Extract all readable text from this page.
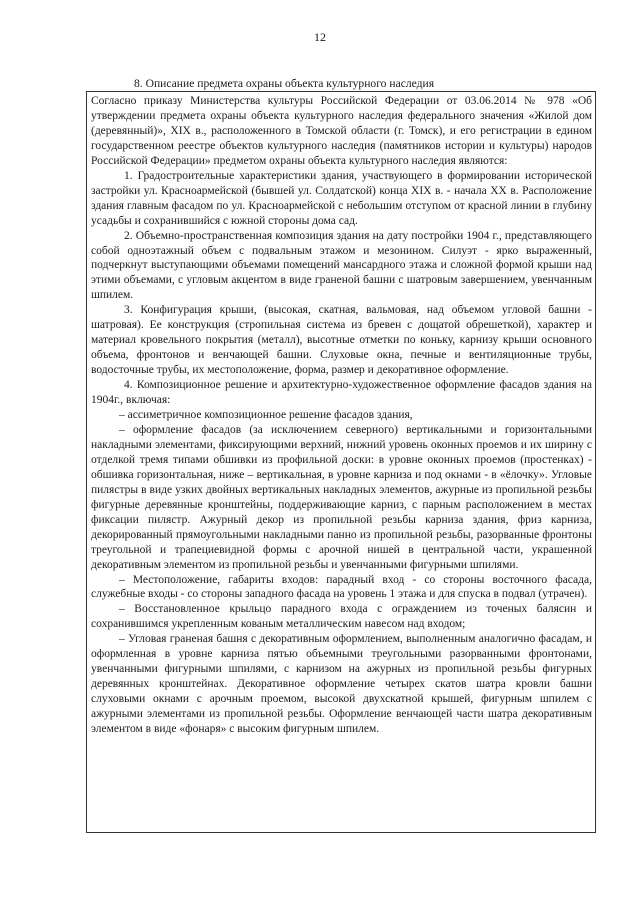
12
8. Описание предмета охраны объекта культурного наследия

Согласно приказу Министерства культуры Российской Федерации от 03.06.2014 № 978 «Об утверждении предмета охраны объекта культурного наследия федерального значения «Жилой дом (деревянный)», XIX в., расположенного в Томской области (г. Томск), и его регистрации в едином государственном реестре объектов культурного наследия (памятников истории и культуры) народов Российской Федерации» предметом охраны объекта культурного наследия являются:

1. Градостроительные характеристики здания, участвующего в формировании исторической застройки ул. Красноармейской (бывшей ул. Солдатской) конца XIX в. - начала XX в. Расположение здания главным фасадом по ул. Красноармейской с небольшим отступом от красной линии в глубину усадьбы и сохранившийся с южной стороны дома сад.

2. Объемно-пространственная композиция здания на дату постройки 1904 г., представляющего собой одноэтажный объем с подвальным этажом и мезонином. Силуэт - ярко выраженный, подчеркнут выступающими объемами помещений мансардного этажа и сложной формой крыши над этими объемами, с угловым акцентом в виде граненой башни с шатровым завершением, увенчанным шпилем.

3. Конфигурация крыши, (высокая, скатная, вальмовая, над объемом угловой башни - шатровая). Ее конструкция (стропильная система из бревен с дощатой обрешеткой), характер и материал кровельного покрытия (металл), высотные отметки по коньку, карнизу крыши основного объема, фронтонов и венчающей башни. Слуховые окна, печные и вентиляционные трубы, водосточные трубы, их местоположение, форма, размер и декоративное оформление.

4. Композиционное решение и архитектурно-художественное оформление фасадов здания на 1904г., включая:

– ассиметричное композиционное решение фасадов здания,

– оформление фасадов (за исключением северного) вертикальными и горизонтальными накладными элементами, фиксирующими верхний, нижний уровень оконных проемов и их ширину с отделкой тремя типами обшивки из профильной доски: в уровне оконных проемов (простенках) - обшивка горизонтальная, ниже – вертикальная, в уровне карниза и под окнами - в «ёлочку». Угловые пилястры в виде узких двойных вертикальных накладных элементов, ажурные из пропильной резьбы фигурные деревянные кронштейны, поддерживающие карниз, с парным расположением в местах фиксации пилястр. Ажурный декор из пропильной резьбы карниза здания, фриз карниза, декорированный прямоугольными накладными панно из пропильной резьбы, разорванные фронтоны треугольной и трапециевидной формы с арочной нишей в центральной части, украшенной декоративным элементом из пропильной резьбы и увенчанными фигурными шпилями.

– Местоположение, габариты входов: парадный вход - со стороны восточного фасада, служебные входы - со стороны западного фасада на уровень 1 этажа и для спуска в подвал (утрачен).

– Восстановленное крыльцо парадного входа с ограждением из точеных балясин и сохранившимся укрепленным кованым металлическим навесом над входом;

– Угловая граненая башня с декоративным оформлением, выполненным аналогично фасадам, и оформленная в уровне карниза пятью объемными треугольными разорванными фронтонами, увенчанными фигурными шпилями, с карнизом на ажурных из пропильной резьбы фигурных деревянных кронштейнах. Декоративное оформление четырех скатов шатра кровли башни слуховыми окнами с арочным проемом, высокой двухскатной крышей, фигурным шпилем с ажурными элементами из пропильной резьбы. Оформление венчающей части шатра декоративным элементом в виде «фонаря» с высоким фигурным шпилем.
